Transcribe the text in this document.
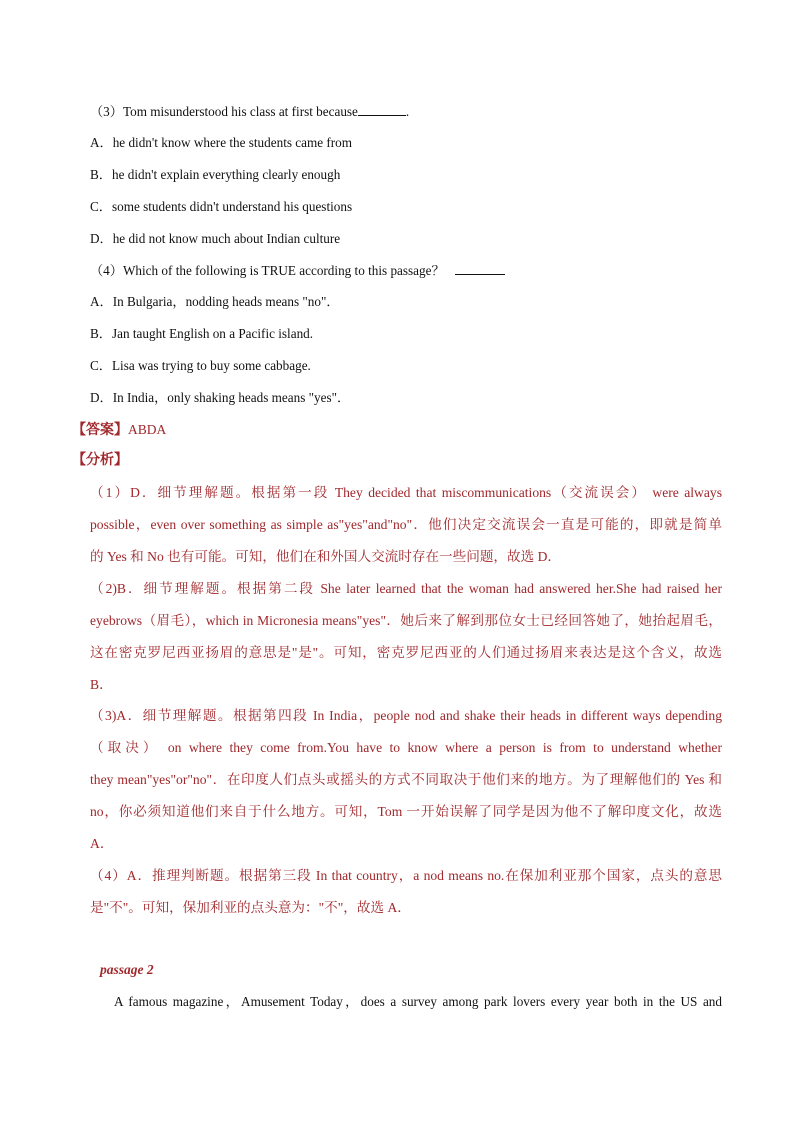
（3）Tom misunderstood his class at first because	.
A．he didn't know where the students came from
B．he didn't explain everything clearly enough
C．some students didn't understand his questions
D．he did not know much about Indian culture
（4）Which of the following is TRUE according to this passage？
A．In Bulgaria，nodding heads means "no"．
B．Jan taught English on a Pacific island.
C．Lisa was trying to buy some cabbage.
D．In India，only shaking heads means "yes"．
【答案】ABDA
【分析】
（1）D．细节理解题。根据第一段 They decided that miscommunications（交流误会） were always
possible，even over something as simple as"yes"and"no"．他们决定交流误会一直是可能的，即就是简单
的 Yes 和 No 也有可能。可知，他们在和外国人交流时存在一些问题，故选 D．
（2)B．细节理解题。根据第二段 She later learned that the woman had answered her.She had raised her
eyebrows（眉毛），which in Micronesia means"yes"．她后来了解到那位女士已经回答她了，她抬起眉毛，
这在密克罗尼西亚扬眉的意思是"是"。可知，密克罗尼西亚的人们通过扬眉来表达是这个含义，故选
B．
（3)A．细节理解题。根据第四段 In India，people nod and shake their heads in different ways depending
（取决） on where they come from.You have to know where a person is from to understand whether
they mean"yes"or"no"．在印度人们点头或摇头的方式不同取决于他们来的地方。为了理解他们的 Yes 和
no，你必须知道他们来自于什么地方。可知，Tom 一开始误解了同学是因为他不了解印度文化，故选
A．
（4）A．推理判断题。根据第三段 In that country，a nod means no.在保加利亚那个国家，点头的意思
是"不"。可知，保加利亚的点头意为："不"，故选 A．
passage 2
A famous magazine，Amusement Today，does a survey among park lovers every year both in the US and
